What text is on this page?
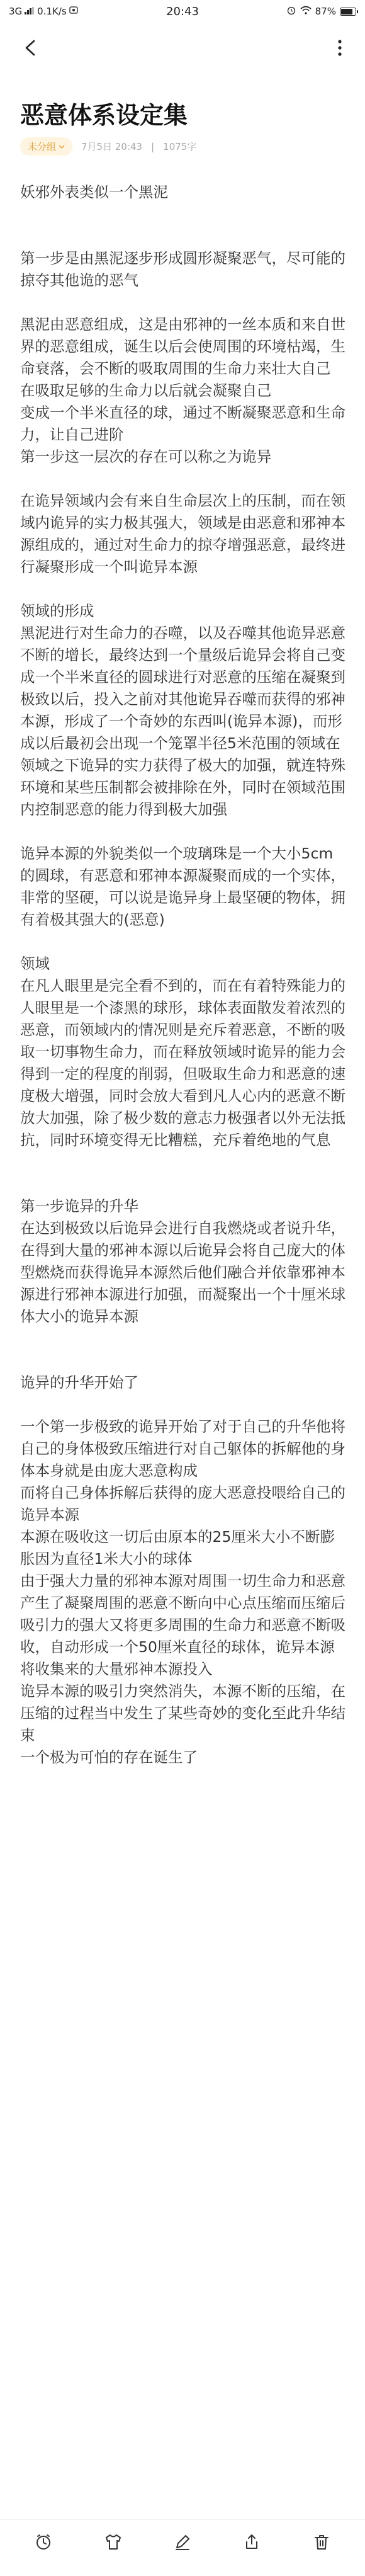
3G 0.1K/s	20:43	87%
恶意体系设定集
未分组	7月5日 20:43 | 1075字
妖邪外表类似一个黑泥

第一步是由黑泥逐步形成圆形凝聚恶气，尽可能的掠夺其他诡的恶气

黑泥由恶意组成，这是由邪神的一丝本质和来自世界的恶意组成，诞生以后会使周围的环境枯竭，生命衰落，会不断的吸取周围的生命力来壮大自己
在吸取足够的生命力以后就会凝聚自己
变成一个半米直径的球，通过不断凝聚恶意和生命力，让自己进阶
第一步这一层次的存在可以称之为诡异

在诡异领域内会有来自生命层次上的压制，而在领域内诡异的实力极其强大，领域是由恶意和邪神本源组成的，通过对生命力的掠夺增强恶意，最终进行凝聚形成一个叫诡异本源

领域的形成
黑泥进行对生命力的吞噬，以及吞噬其他诡异恶意不断的增长，最终达到一个量级后诡异会将自己变成一个半米直径的圆球进行对恶意的压缩在凝聚到极致以后，投入之前对其他诡异吞噬而获得的邪神本源，形成了一个奇妙的东西叫(诡异本源)，而形成以后最初会出现一个笼罩半径5米范围的领域在领域之下诡异的实力获得了极大的加强，就连特殊环境和某些压制都会被排除在外，同时在领域范围内控制恶意的能力得到极大加强

诡异本源的外貌类似一个玻璃珠是一个大小5cm的圆球，有恶意和邪神本源凝聚而成的一个实体，非常的坚硬，可以说是诡异身上最坚硬的物体，拥有着极其强大的(恶意)

领域
在凡人眼里是完全看不到的，而在有着特殊能力的人眼里是一个漆黑的球形，球体表面散发着浓烈的恶意，而领域内的情况则是充斥着恶意，不断的吸取一切事物生命力，而在释放领域时诡异的能力会得到一定的程度的削弱，但吸取生命力和恶意的速度极大增强，同时会放大看到凡人心内的恶意不断放大加强，除了极少数的意志力极强者以外无法抵抗，同时环境变得无比糟糕，充斥着绝地的气息

第一步诡异的升华
在达到极致以后诡异会进行自我燃烧或者说升华，在得到大量的邪神本源以后诡异会将自己庞大的体型燃烧而获得诡异本源然后他们融合并依靠邪神本源进行邪神本源进行加强，而凝聚出一个十厘米球体大小的诡异本源

诡异的升华开始了

一个第一步极致的诡异开始了对于自己的升华他将自己的身体极致压缩进行对自己躯体的拆解他的身体本身就是由庞大恶意构成
而将自己身体拆解后获得的庞大恶意投喂给自己的诡异本源
本源在吸收这一切后由原本的25厘米大小不断膨胀因为直径1米大小的球体
由于强大力量的邪神本源对周围一切生命力和恶意产生了凝聚周围的恶意不断向中心点压缩而压缩后吸引力的强大又将更多周围的生命力和恶意不断吸收，自动形成一个50厘米直径的球体，诡异本源将收集来的大量邪神本源投入
诡异本源的吸引力突然消失，本源不断的压缩，在压缩的过程当中发生了某些奇妙的变化至此升华结束
一个极为可怕的存在诞生了
